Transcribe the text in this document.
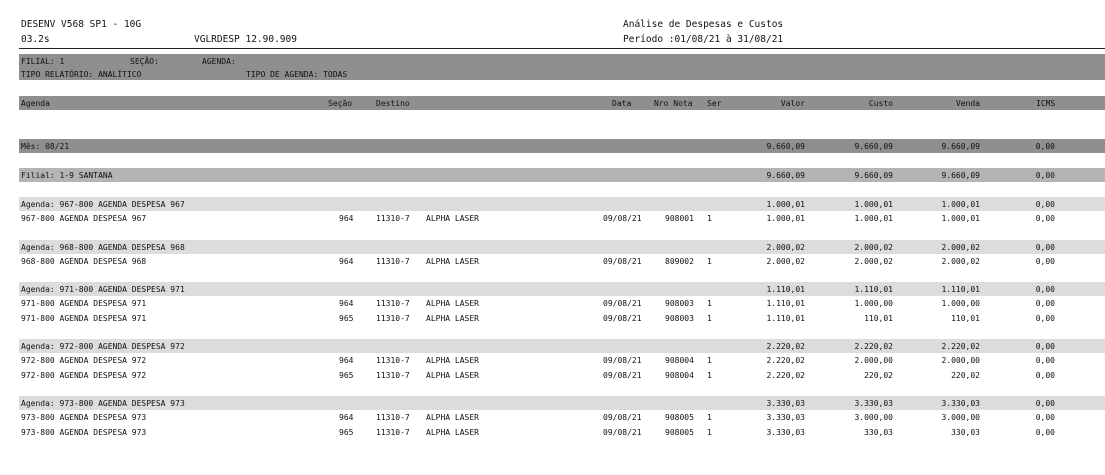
DESENV V568 SP1 - 10G
03.2s	VGLRDESP 12.90.909
Análise de Despesas e Custos
Período :01/08/21 à 31/08/21
FILIAL: 1	SEÇÃO:	AGENDA:
TIPO RELATÓRIO: ANALÍTICO	TIPO DE AGENDA: TODAS
Agenda	Seção	Destino	Data	Nro Nota Ser	Valor	Custo	Venda	ICMS
Mês: 08/21	9.660,09	9.660,09	9.660,09	0,00
Filial: 1-9 SANTANA	9.660,09	9.660,09	9.660,09	0,00
Agenda: 967-800 AGENDA DESPESA 967	1.000,01	1.000,01	1.000,01	0,00
967-800 AGENDA DESPESA 967	964	11310-7 ALPHA LASER	09/08/21	908001 1	1.000,01	1.000,01	1.000,01	0,00
Agenda: 968-800 AGENDA DESPESA 968	2.000,02	2.000,02	2.000,02	0,00
968-800 AGENDA DESPESA 968	964	11310-7 ALPHA LASER	09/08/21	809002 1	2.000,02	2.000,02	2.000,02	0,00
Agenda: 971-800 AGENDA DESPESA 971	1.110,01	1.110,01	1.110,01	0,00
971-800 AGENDA DESPESA 971	964	11310-7 ALPHA LASER	09/08/21	908003 1	1.110,01	1.000,00	1.000,00	0,00
971-800 AGENDA DESPESA 971	965	11310-7 ALPHA LASER	09/08/21	908003 1	1.110,01	110,01	110,01	0,00
Agenda: 972-800 AGENDA DESPESA 972	2.220,02	2.220,02	2.220,02	0,00
972-800 AGENDA DESPESA 972	964	11310-7 ALPHA LASER	09/08/21	908004 1	2.220,02	2.000,00	2.000,00	0,00
972-800 AGENDA DESPESA 972	965	11310-7 ALPHA LASER	09/08/21	908004 1	2.220,02	220,02	220,02	0,00
Agenda: 973-800 AGENDA DESPESA 973	3.330,03	3.330,03	3.330,03	0,00
973-800 AGENDA DESPESA 973	964	11310-7 ALPHA LASER	09/08/21	908005 1	3.330,03	3.000,00	3.000,00	0,00
973-800 AGENDA DESPESA 973	965	11310-7 ALPHA LASER	09/08/21	908005 1	3.330,03	330,03	330,03	0,00
